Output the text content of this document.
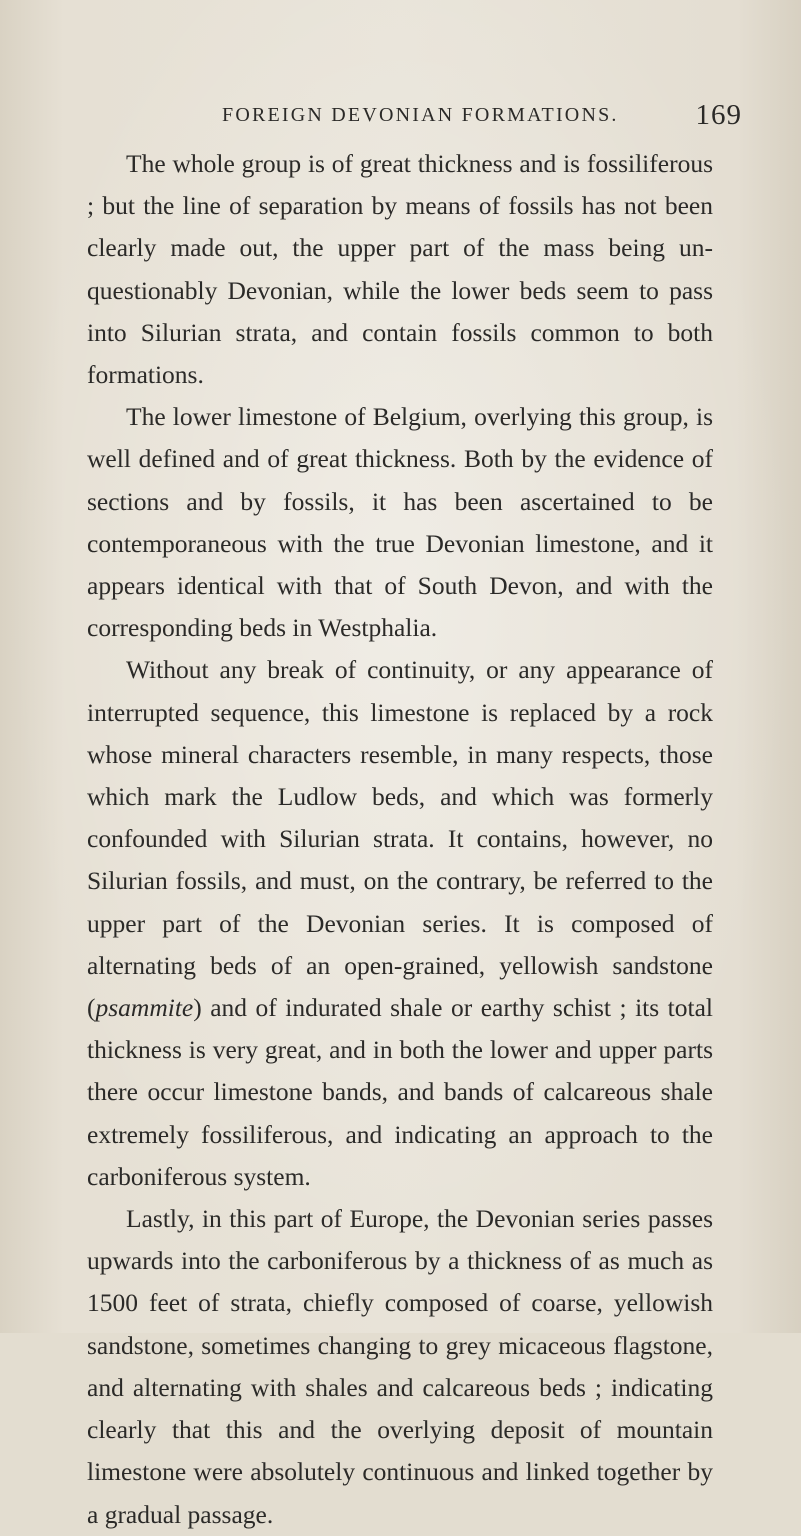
FOREIGN DEVONIAN FORMATIONS.	169

The whole group is of great thickness and is fossiliferous ; but the line of separation by means of fossils has not been clearly made out, the upper part of the mass being unquestionably Devonian, while the lower beds seem to pass into Silurian strata, and contain fossils common to both formations.

The lower limestone of Belgium, overlying this group, is well defined and of great thickness. Both by the evidence of sections and by fossils, it has been ascertained to be contemporaneous with the true Devonian limestone, and it appears identical with that of South Devon, and with the corresponding beds in Westphalia.

Without any break of continuity, or any appearance of interrupted sequence, this limestone is replaced by a rock whose mineral characters resemble, in many respects, those which mark the Ludlow beds, and which was formerly confounded with Silurian strata. It contains, however, no Silurian fossils, and must, on the contrary, be referred to the upper part of the Devonian series. It is composed of alternating beds of an open-grained, yellowish sandstone (psammite) and of indurated shale or earthy schist ; its total thickness is very great, and in both the lower and upper parts there occur limestone bands, and bands of calcareous shale extremely fossiliferous, and indicating an approach to the carboniferous system.

Lastly, in this part of Europe, the Devonian series passes upwards into the carboniferous by a thickness of as much as 1500 feet of strata, chiefly composed of coarse, yellowish sandstone, sometimes changing to grey micaceous flagstone, and alternating with shales and calcareous beds ; indicating clearly that this and the overlying deposit of mountain limestone were absolutely continuous and linked together by a gradual passage.
